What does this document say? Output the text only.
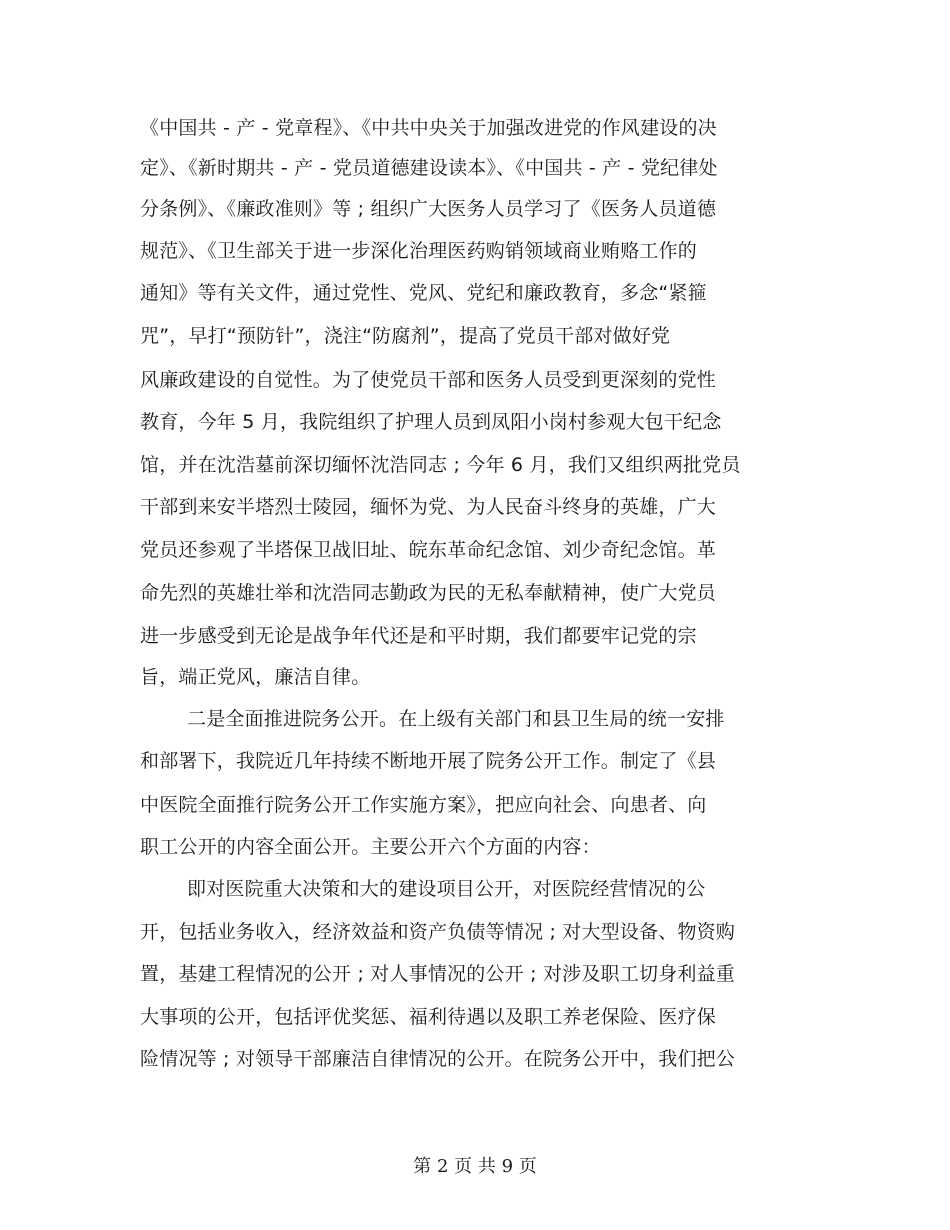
《中国共 - 产 - 党章程》、《中共中央关于加强改进党的作风建设的决
定》、《新时期共 - 产 - 党员道德建设读本》、《中国共 - 产 - 党纪律处
分条例》、《廉政准则》等 ; 组织广大医务人员学习了《医务人员道德
规范》、《卫生部关于进一步深化治理医药购销领域商业贿赂工作的
通知》等有关文件，通过党性、党风、党纪和廉政教育，多念“紧箍
咒”，早打“预防针”，浇注“防腐剂”，提高了党员干部对做好党
风廉政建设的自觉性。为了使党员干部和医务人员受到更深刻的党性
教育，今年 5 月，我院组织了护理人员到凤阳小岗村参观大包干纪念
馆，并在沈浩墓前深切缅怀沈浩同志 ; 今年 6 月，我们又组织两批党员
干部到来安半塔烈士陵园，缅怀为党、为人民奋斗终身的英雄，广大
党员还参观了半塔保卫战旧址、皖东革命纪念馆、刘少奇纪念馆。革
命先烈的英雄壮举和沈浩同志勤政为民的无私奉献精神，使广大党员
进一步感受到无论是战争年代还是和平时期，我们都要牢记党的宗
旨，端正党风，廉洁自律。
二是全面推进院务公开。在上级有关部门和县卫生局的统一安排
和部署下，我院近几年持续不断地开展了院务公开工作。制定了《县
中医院全面推行院务公开工作实施方案》，把应向社会、向患者、向
职工公开的内容全面公开。主要公开六个方面的内容：
即对医院重大决策和大的建设项目公开，对医院经营情况的公
开，包括业务收入，经济效益和资产负债等情况 ; 对大型设备、物资购
置，基建工程情况的公开 ; 对人事情况的公开 ; 对涉及职工切身利益重
大事项的公开，包括评优奖惩、福利待遇以及职工养老保险、医疗保
险情况等 ; 对领导干部廉洁自律情况的公开。在院务公开中，我们把公
第 2 页 共 9 页
